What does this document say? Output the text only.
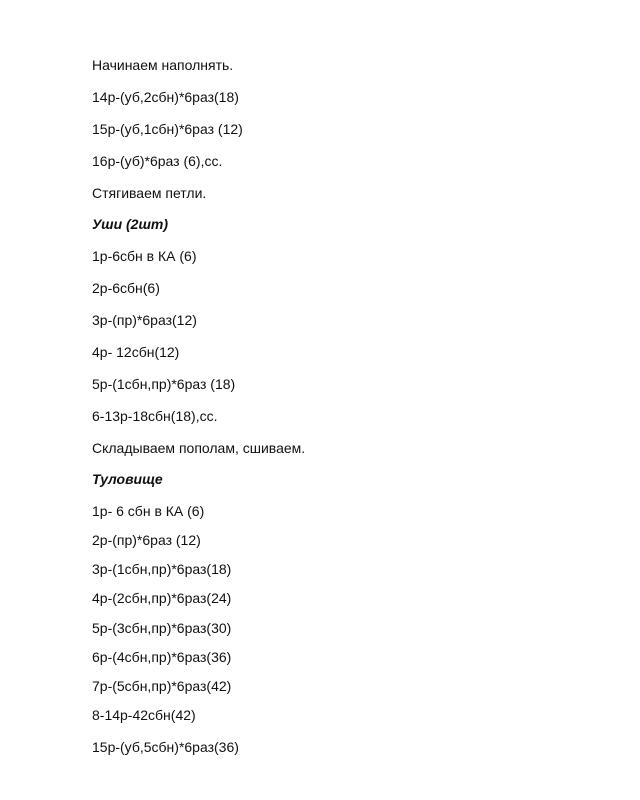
Начинаем наполнять.
14р-(уб,2сбн)*6раз(18)
15р-(уб,1сбн)*6раз (12)
16р-(уб)*6раз (6),сс.
Стягиваем петли.
Уши (2шт)
1р-6сбн в КА (6)
2р-6сбн(6)
3р-(пр)*6раз(12)
4р- 12сбн(12)
5р-(1сбн,пр)*6раз (18)
6-13р-18сбн(18),сс.
Складываем пополам, сшиваем.
Туловище
1р- 6 сбн в КА (6)
2р-(пр)*6раз (12)
3р-(1сбн,пр)*6раз(18)
4р-(2сбн,пр)*6раз(24)
5р-(3сбн,пр)*6раз(30)
6р-(4сбн,пр)*6раз(36)
7р-(5сбн,пр)*6раз(42)
8-14р-42сбн(42)
15р-(уб,5сбн)*6раз(36)
